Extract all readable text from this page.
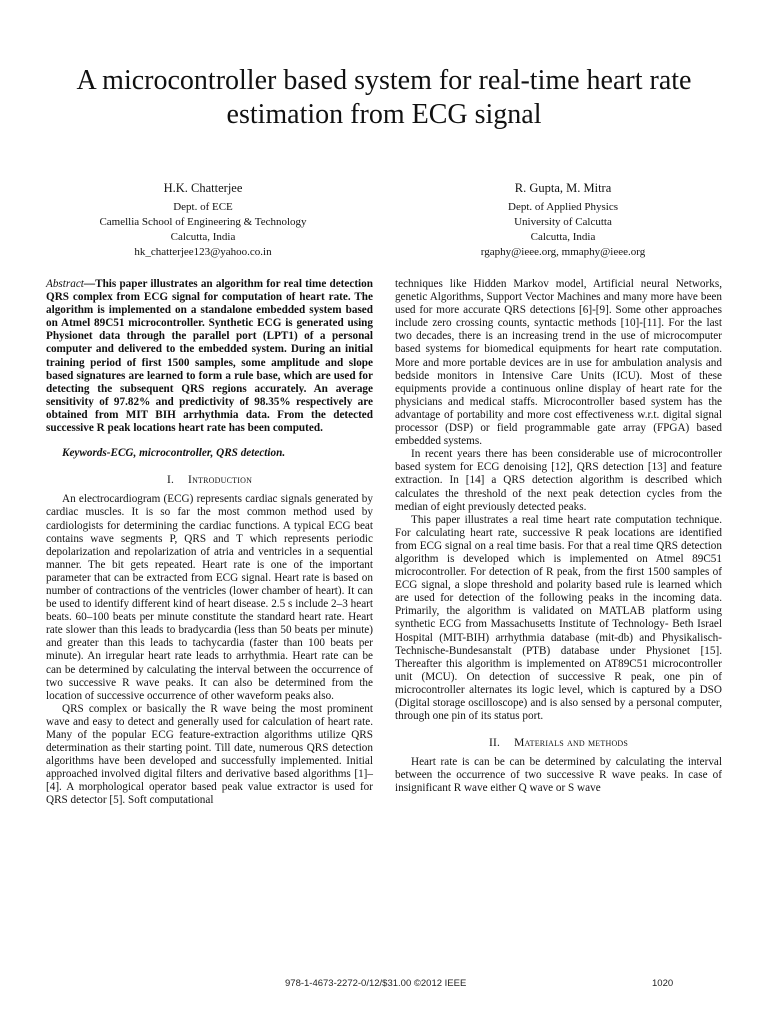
A microcontroller based system for real-time heart rate estimation from ECG signal
H.K. Chatterjee
Dept. of ECE
Camellia School of Engineering & Technology
Calcutta, India
hk_chatterjee123@yahoo.co.in
R. Gupta, M. Mitra
Dept. of Applied Physics
University of Calcutta
Calcutta, India
rgaphy@ieee.org, mmaphy@ieee.org

Abstract—This paper illustrates an algorithm for real time detection QRS complex from ECG signal for computation of heart rate. The algorithm is implemented on a standalone embedded system based on Atmel 89C51 microcontroller. Synthetic ECG is generated using Physionet data through the parallel port (LPT1) of a personal computer and delivered to the embedded system. During an initial training period of first 1500 samples, some amplitude and slope based signatures are learned to form a rule base, which are used for detecting the subsequent QRS regions accurately. An average sensitivity of 97.82% and predictivity of 98.35% respectively are obtained from MIT BIH arrhythmia data. From the detected successive R peak locations heart rate has been computed.

Keywords-ECG, microcontroller, QRS detection.

I. Introduction

An electrocardiogram (ECG) represents cardiac signals generated by cardiac muscles. It is so far the most common method used by cardiologists for determining the cardiac functions. A typical ECG beat contains wave segments P, QRS and T which represents periodic depolarization and repolarization of atria and ventricles in a sequential manner. The bit gets repeated. Heart rate is one of the important parameter that can be extracted from ECG signal. Heart rate is based on number of contractions of the ventricles (lower chamber of heart). It can be used to identify different kind of heart disease. 2.5 s include 2–3 heart beats. 60–100 beats per minute constitute the standard heart rate. Heart rate slower than this leads to bradycardia (less than 50 beats per minute) and greater than this leads to tachycardia (faster than 100 beats per minute). An irregular heart rate leads to arrhythmia. Heart rate can be can be determined by calculating the interval between the occurrence of two successive R wave peaks. It can also be determined from the location of successive occurrence of other waveform peaks also.

QRS complex or basically the R wave being the most prominent wave and easy to detect and generally used for calculation of heart rate. Many of the popular ECG feature-extraction algorithms utilize QRS determination as their starting point. Till date, numerous QRS detection algorithms have been developed and successfully implemented. Initial approached involved digital filters and derivative based algorithms [1]–[4]. A morphological operator based peak value extractor is used for QRS detector [5]. Soft computational

techniques like Hidden Markov model, Artificial neural Networks, genetic Algorithms, Support Vector Machines and many more have been used for more accurate QRS detections [6]-[9]. Some other approaches include zero crossing counts, syntactic methods [10]-[11]. For the last two decades, there is an increasing trend in the use of microcomputer based systems for biomedical equipments for heart rate computation. More and more portable devices are in use for ambulation analysis and bedside monitors in Intensive Care Units (ICU). Most of these equipments provide a continuous online display of heart rate for the physicians and medical staffs. Microcontroller based system has the advantage of portability and more cost effectiveness w.r.t. digital signal processor (DSP) or field programmable gate array (FPGA) based embedded systems.

In recent years there has been considerable use of microcontroller based system for ECG denoising [12], QRS detection [13] and feature extraction. In [14] a QRS detection algorithm is described which calculates the threshold of the next peak detection cycles from the median of eight previously detected peaks.

This paper illustrates a real time heart rate computation technique. For calculating heart rate, successive R peak locations are identified from ECG signal on a real time basis. For that a real time QRS detection algorithm is developed which is implemented on Atmel 89C51 microcontroller. For detection of R peak, from the first 1500 samples of ECG signal, a slope threshold and polarity based rule is learned which are used for detection of the following peaks in the incoming data. Primarily, the algorithm is validated on MATLAB platform using synthetic ECG from Massachusetts Institute of Technology- Beth Israel Hospital (MIT-BIH) arrhythmia database (mit-db) and Physikalisch-Technische-Bundesanstalt (PTB) database under Physionet [15]. Thereafter this algorithm is implemented on AT89C51 microcontroller unit (MCU). On detection of successive R peak, one pin of microcontroller alternates its logic level, which is captured by a DSO (Digital storage oscilloscope) and is also sensed by a personal computer, through one pin of its status port.

II. Materials and methods

Heart rate is can be can be determined by calculating the interval between the occurrence of two successive R wave peaks. In case of insignificant R wave either Q wave or S wave

978-1-4673-2272-0/12/$31.00 ©2012 IEEE	1020
